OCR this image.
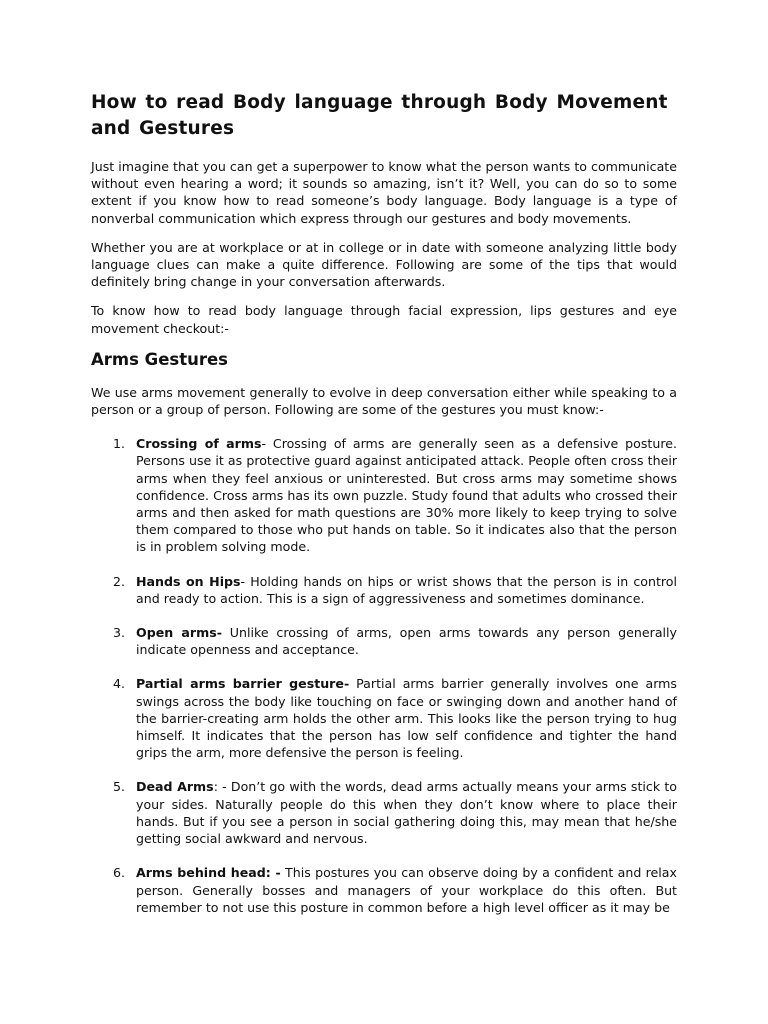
How to read Body language through Body Movement and Gestures

Just imagine that you can get a superpower to know what the person wants to communicate without even hearing a word; it sounds so amazing, isn’t it? Well, you can do so to some extent if you know how to read someone’s body language. Body language is a type of nonverbal communication which express through our gestures and body movements.

Whether you are at workplace or at in college or in date with someone analyzing little body language clues can make a quite difference. Following are some of the tips that would definitely bring change in your conversation afterwards.

To know how to read body language through facial expression, lips gestures and eye movement checkout:-

Arms Gestures

We use arms movement generally to evolve in deep conversation either while speaking to a person or a group of person. Following are some of the gestures you must know:-

1. Crossing of arms- Crossing of arms are generally seen as a defensive posture. Persons use it as protective guard against anticipated attack. People often cross their arms when they feel anxious or uninterested. But cross arms may sometime shows confidence. Cross arms has its own puzzle. Study found that adults who crossed their arms and then asked for math questions are 30% more likely to keep trying to solve them compared to those who put hands on table. So it indicates also that the person is in problem solving mode.
2. Hands on Hips- Holding hands on hips or wrist shows that the person is in control and ready to action. This is a sign of aggressiveness and sometimes dominance.
3. Open arms- Unlike crossing of arms, open arms towards any person generally indicate openness and acceptance.
4. Partial arms barrier gesture- Partial arms barrier generally involves one arms swings across the body like touching on face or swinging down and another hand of the barrier-creating arm holds the other arm. This looks like the person trying to hug himself. It indicates that the person has low self confidence and tighter the hand grips the arm, more defensive the person is feeling.
5. Dead Arms: - Don’t go with the words, dead arms actually means your arms stick to your sides. Naturally people do this when they don’t know where to place their hands. But if you see a person in social gathering doing this, may mean that he/she getting social awkward and nervous.
6. Arms behind head: - This postures you can observe doing by a confident and relax person. Generally bosses and managers of your workplace do this often. But remember to not use this posture in common before a high level officer as it may be
